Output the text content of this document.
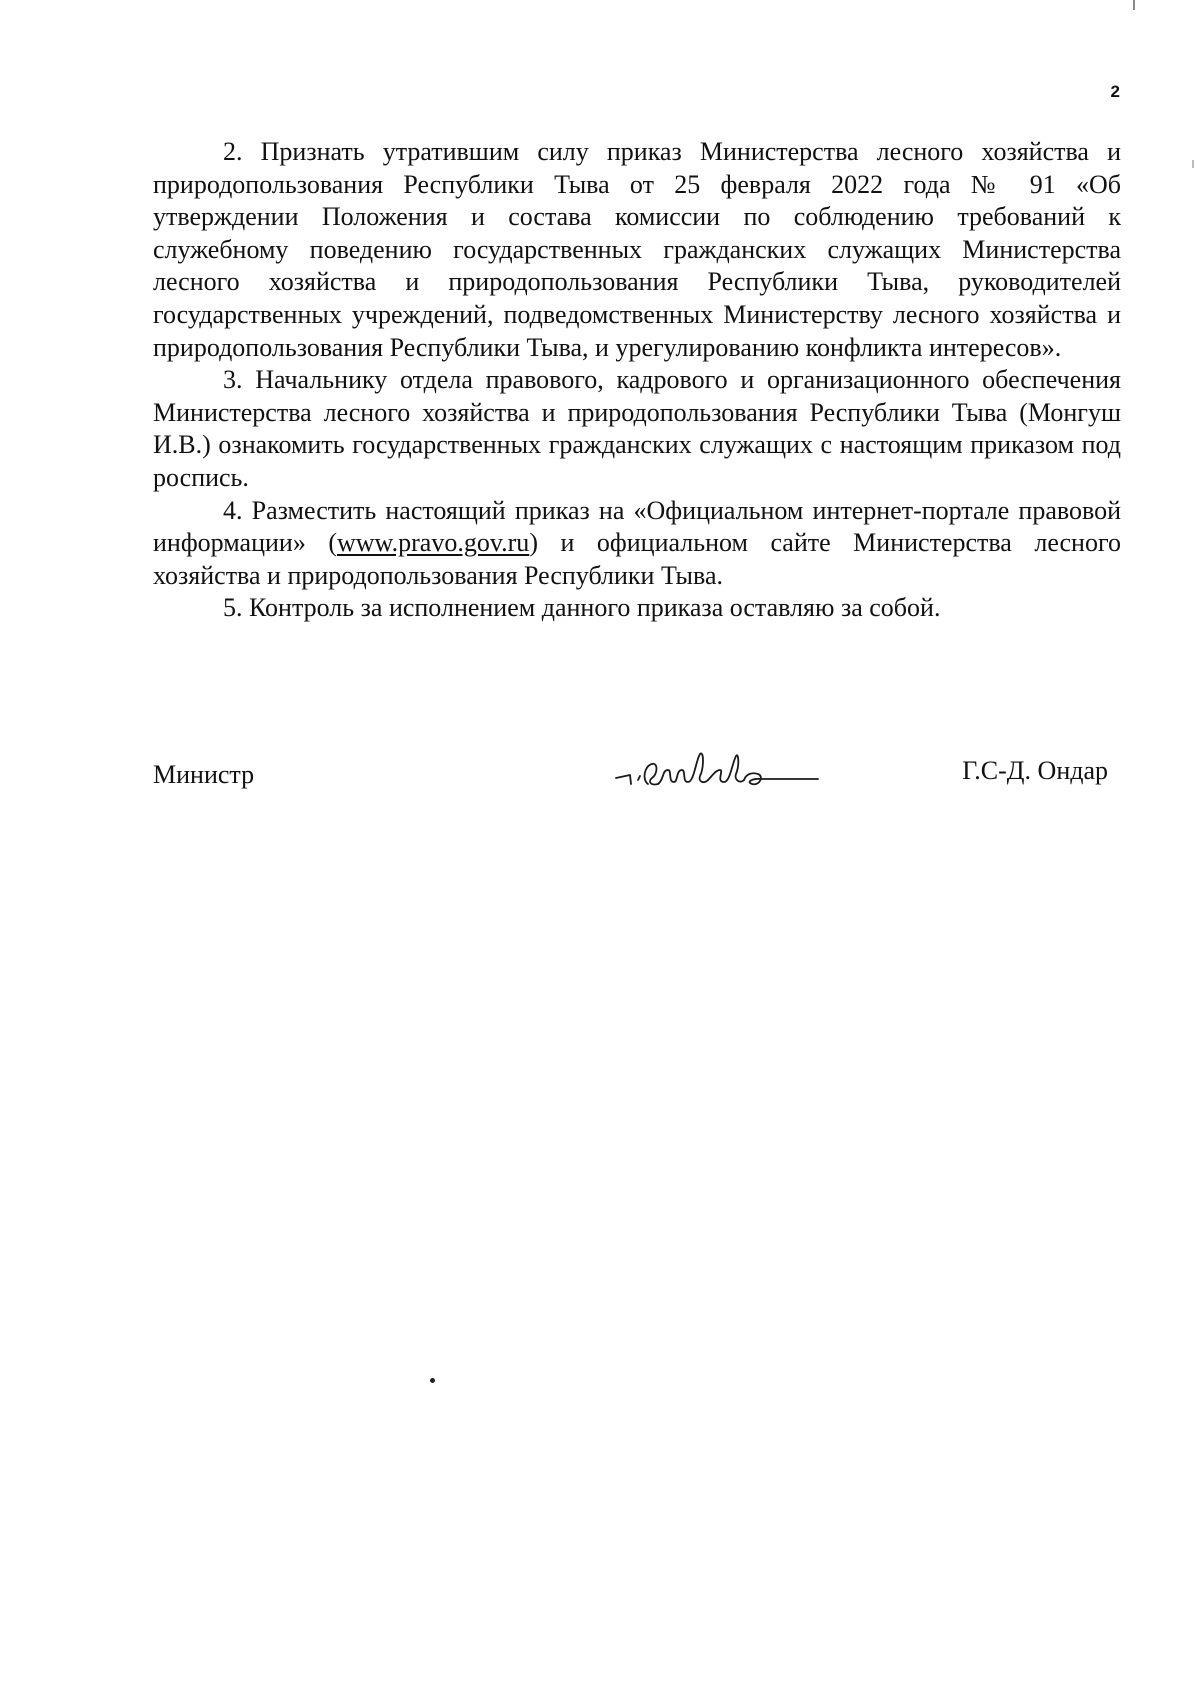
2

2. Признать утратившим силу приказ Министерства лесного хозяйства и природопользования Республики Тыва от 25 февраля 2022 года № 91 «Об утверждении Положения и состава комиссии по соблюдению требований к служебному поведению государственных гражданских служащих Министерства лесного хозяйства и природопользования Республики Тыва, руководителей государственных учреждений, подведомственных Министерству лесного хозяйства и природопользования Республики Тыва, и урегулированию конфликта интересов».

3. Начальнику отдела правового, кадрового и организационного обеспечения Министерства лесного хозяйства и природопользования Республики Тыва (Монгуш И.В.) ознакомить государственных гражданских служащих с настоящим приказом под роспись.

4. Разместить настоящий приказ на «Официальном интернет-портале правовой информации» (www.pravo.gov.ru) и официальном сайте Министерства лесного хозяйства и природопользования Республики Тыва.

5. Контроль за исполнением данного приказа оставляю за собой.

Министр	Г.С-Д. Ондар
